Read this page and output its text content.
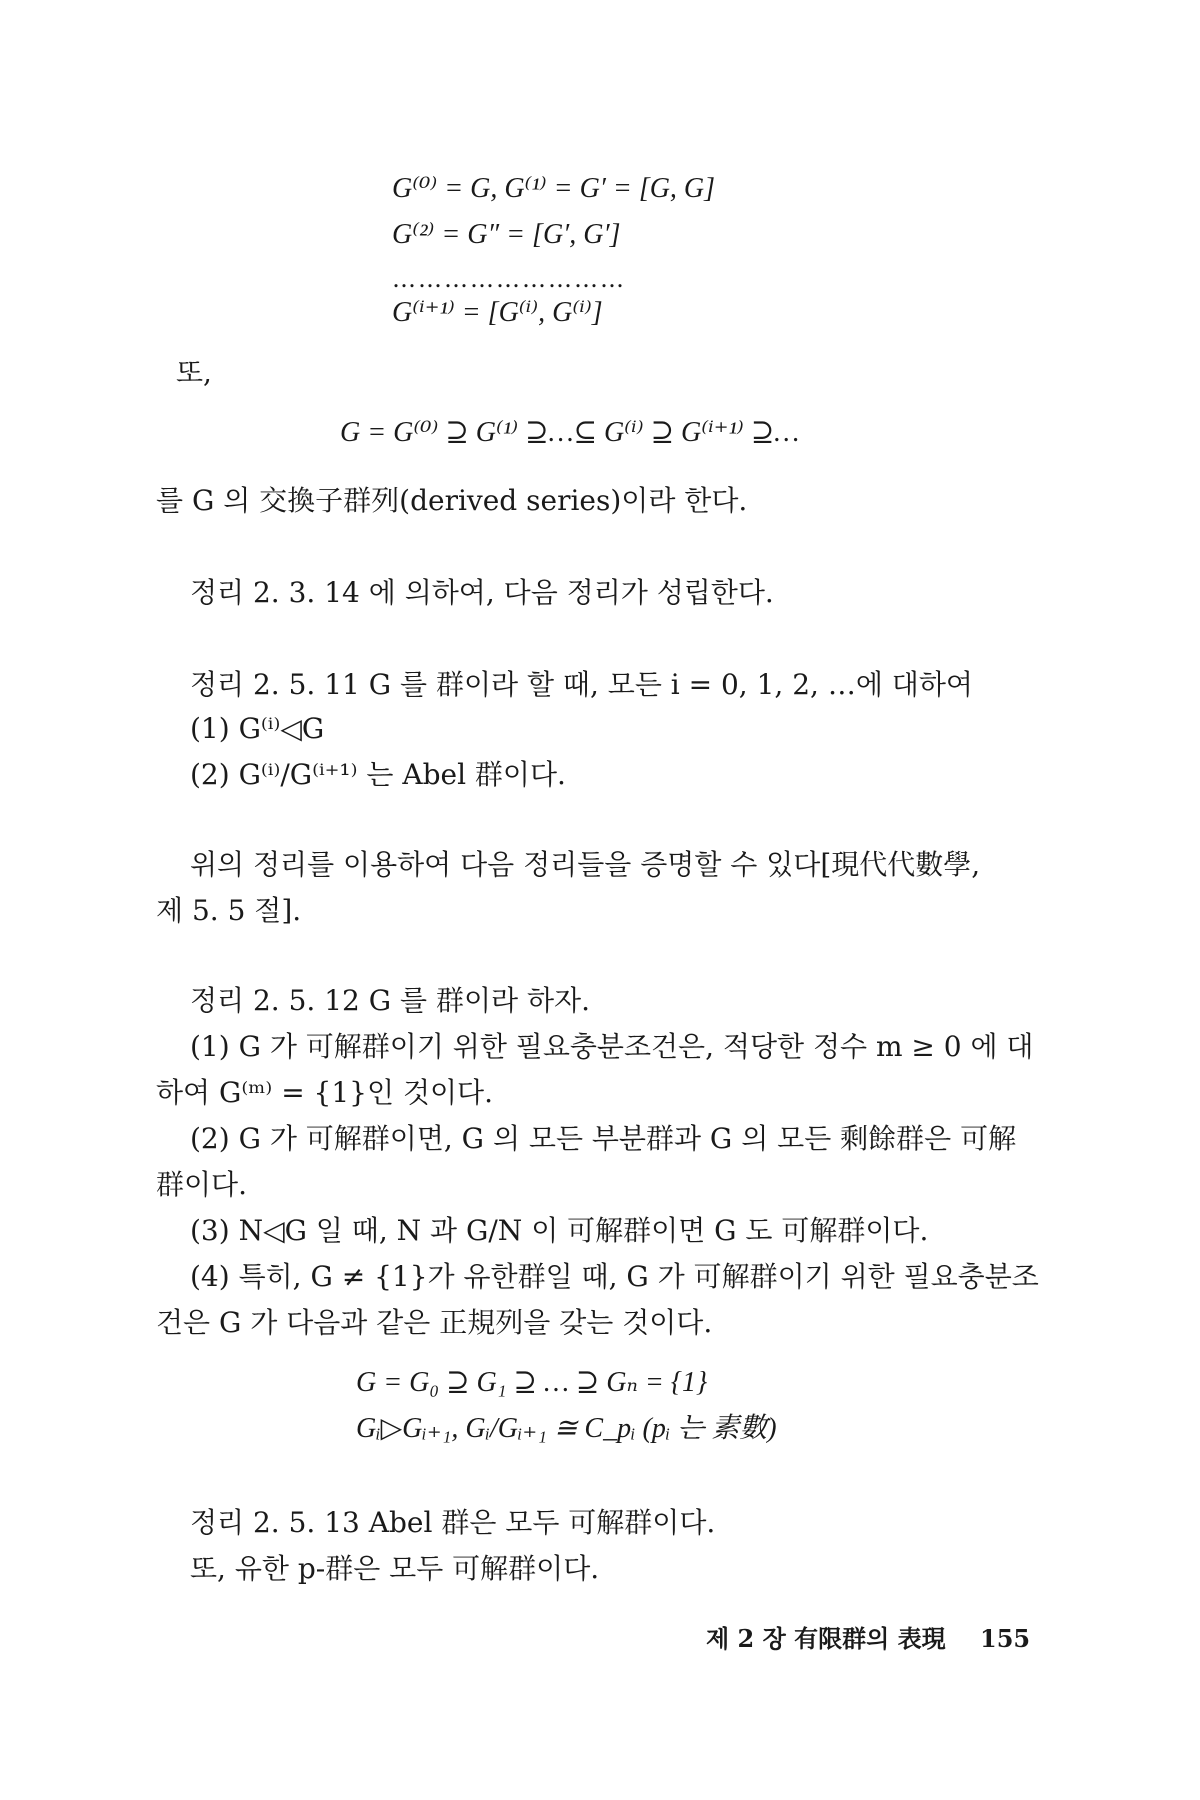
G⁽⁰⁾ = G, G⁽¹⁾ = G′ = [G, G]
G⁽²⁾ = G″ = [G′, G′]
………………………
G⁽ⁱ⁺¹⁾ = [G⁽ⁱ⁾, G⁽ⁱ⁾]
또,
G = G⁽⁰⁾ ⊇ G⁽¹⁾ ⊇…⊆ G⁽ⁱ⁾ ⊇ G⁽ⁱ⁺¹⁾ ⊇…
를 G 의 交換子群列(derived series)이라 한다.
정리 2. 3. 14 에 의하여, 다음 정리가 성립한다.
정리 2. 5. 11 G 를 群이라 할 때, 모든 i = 0, 1, 2, …에 대하여
(1) G⁽ⁱ⁾◁G
(2) G⁽ⁱ⁾/G⁽ⁱ⁺¹⁾ 는 Abel 群이다.
위의 정리를 이용하여 다음 정리들을 증명할 수 있다[現代代數學,
제 5. 5 절].
정리 2. 5. 12 G 를 群이라 하자.
(1) G 가 可解群이기 위한 필요충분조건은, 적당한 정수 m ≥ 0 에 대
하여 G⁽ᵐ⁾ = {1}인 것이다.
(2) G 가 可解群이면, G 의 모든 부분群과 G 의 모든 剩餘群은 可解
群이다.
(3) N◁G 일 때, N 과 G/N 이 可解群이면 G 도 可解群이다.
(4) 특히, G ≠ {1}가 유한群일 때, G 가 可解群이기 위한 필요충분조
건은 G 가 다음과 같은 正規列을 갖는 것이다.
G = G₀ ⊇ G₁ ⊇ … ⊇ Gₙ = {1}
Gᵢ▷Gᵢ₊₁, Gᵢ/Gᵢ₊₁ ≅ C_pᵢ (pᵢ 는 素數)
정리 2. 5. 13 Abel 群은 모두 可解群이다.
또, 유한 p-群은 모두 可解群이다.
제 2 장 有限群의 表現 155
